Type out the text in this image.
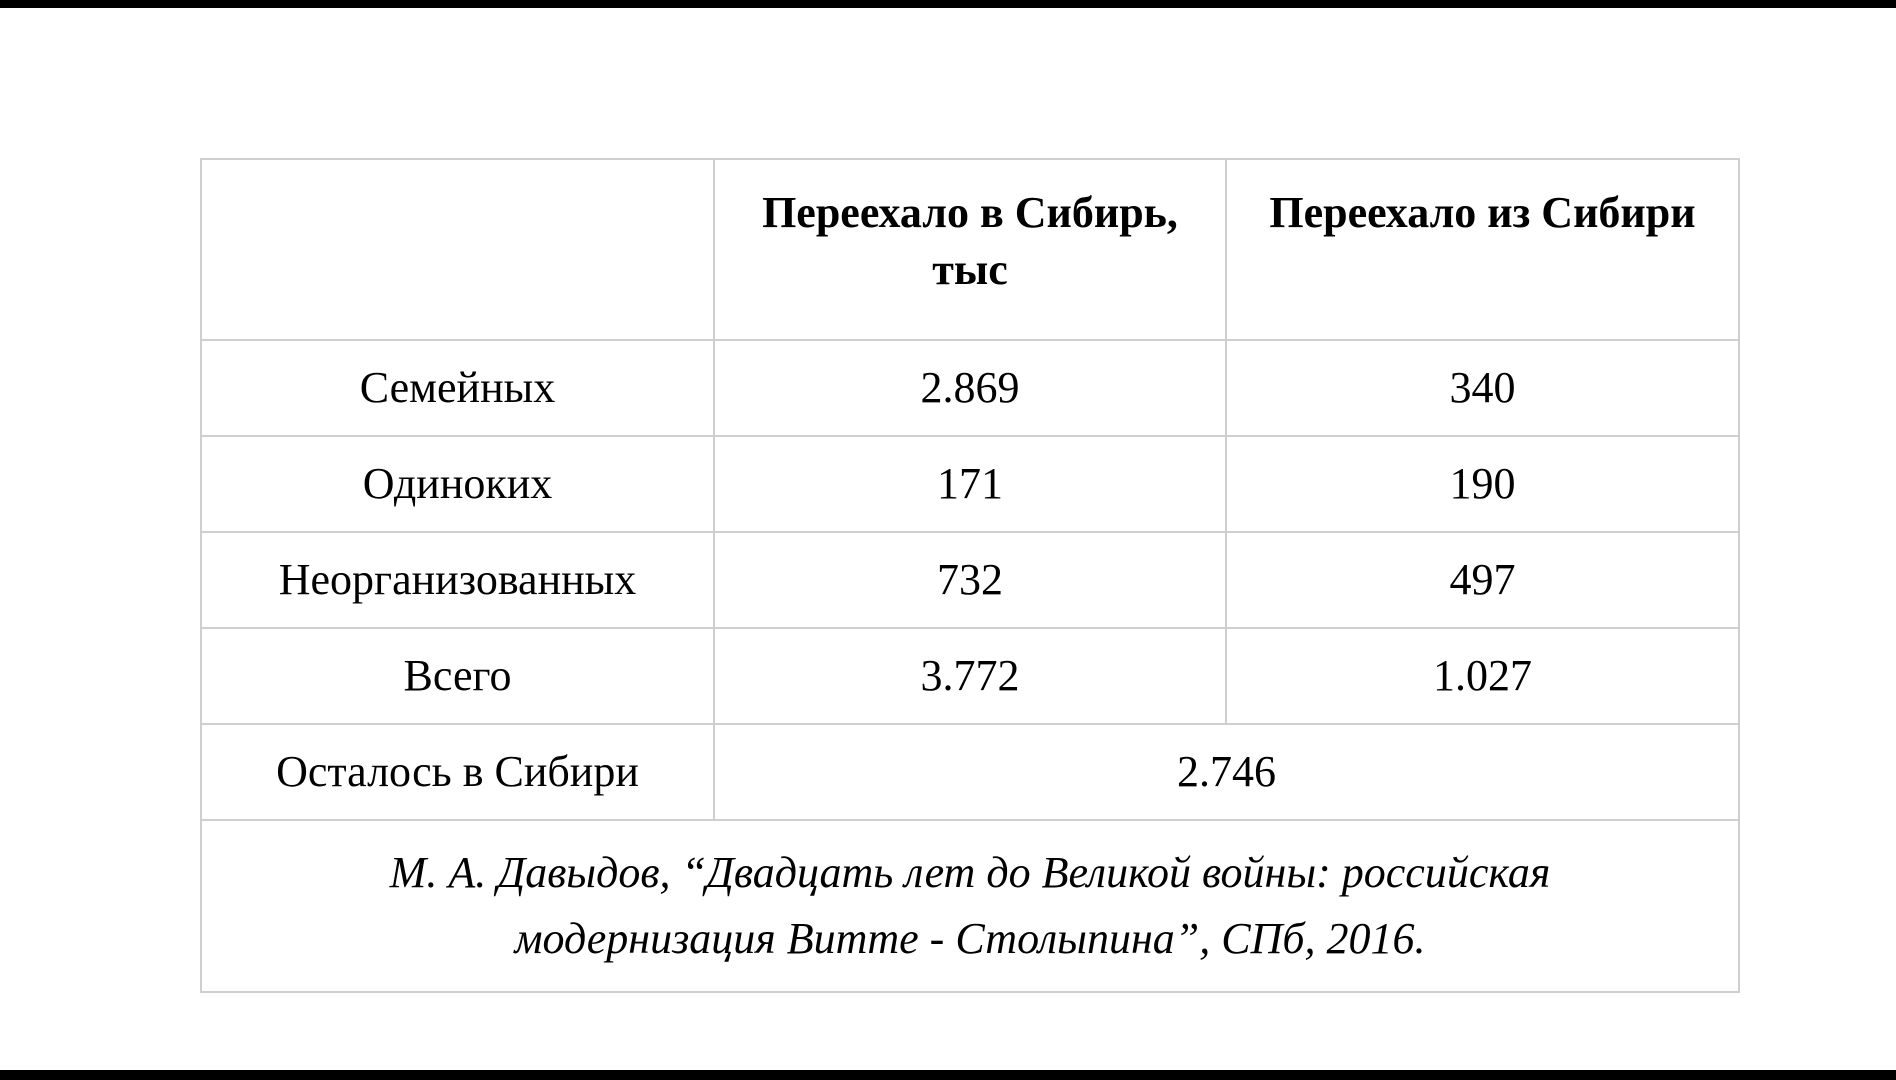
	Переехало в Сибирь, тыс	Переехало из Сибири
Семейных	2.869	340
Одиноких	171	190
Неорганизованных	732	497
Всего	3.772	1.027
Осталось в Сибири	2.746	

М. А. Давыдов, “Двадцать лет до Великой войны: российская
модернизация Витте - Столыпина”, СПб, 2016.		
